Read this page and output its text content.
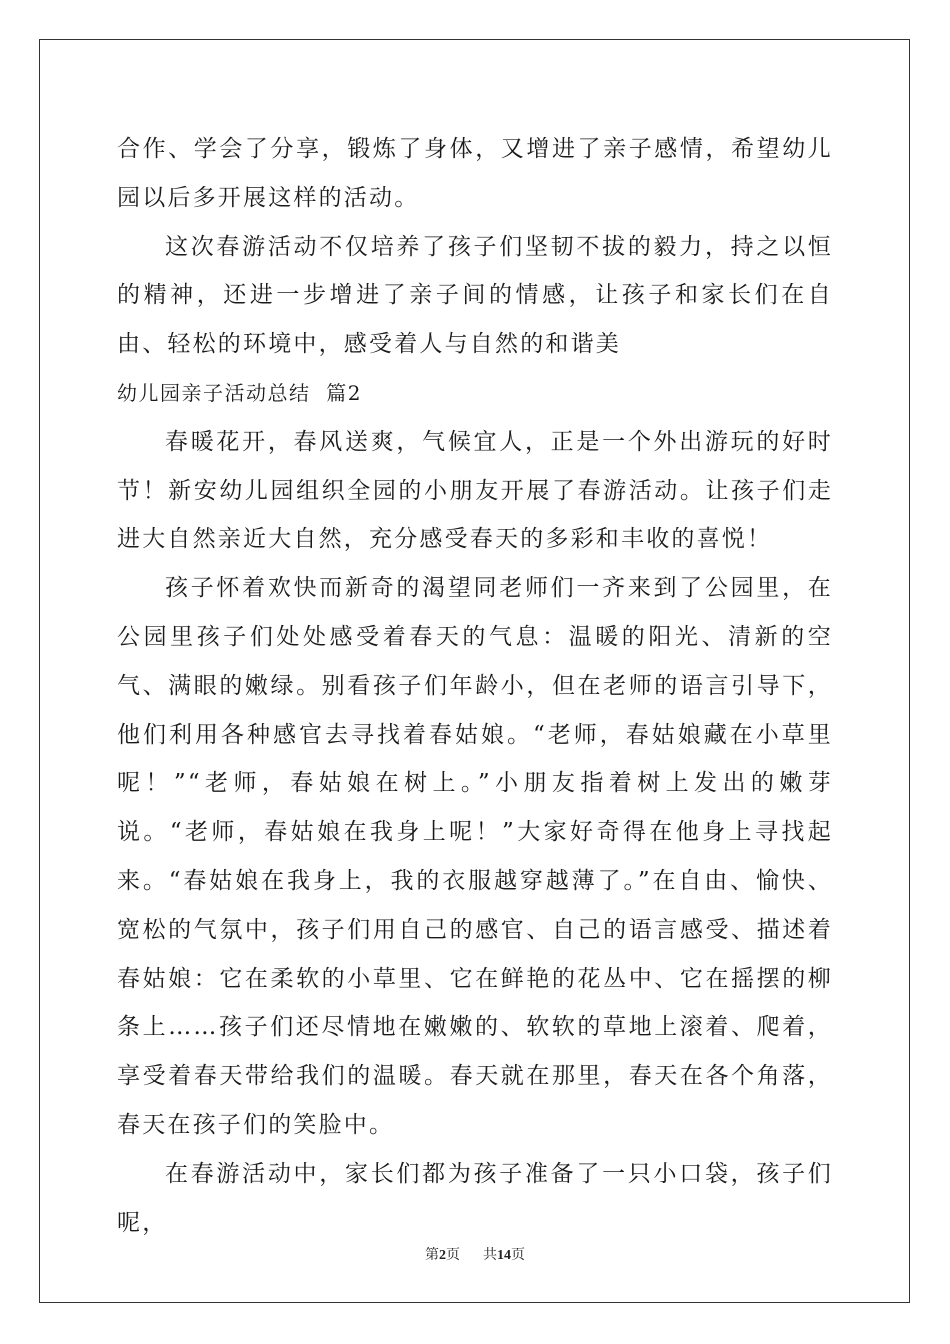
合作、学会了分享，锻炼了身体，又增进了亲子感情，希望幼儿园以后多开展这样的活动。

这次春游活动不仅培养了孩子们坚韧不拔的毅力，持之以恒的精神，还进一步增进了亲子间的情感，让孩子和家长们在自由、轻松的环境中，感受着人与自然的和谐美

幼儿园亲子活动总结  篇2

春暖花开，春风送爽，气候宜人，正是一个外出游玩的好时节！新安幼儿园组织全园的小朋友开展了春游活动。让孩子们走进大自然亲近大自然，充分感受春天的多彩和丰收的喜悦！

孩子怀着欢快而新奇的渴望同老师们一齐来到了公园里，在公园里孩子们处处感受着春天的气息：温暖的阳光、清新的空气、满眼的嫩绿。别看孩子们年龄小，但在老师的语言引导下，他们利用各种感官去寻找着春姑娘。“老师，春姑娘藏在小草里呢！”“老师，春姑娘在树上。”小朋友指着树上发出的嫩芽说。“老师，春姑娘在我身上呢！”大家好奇得在他身上寻找起来。“春姑娘在我身上，我的衣服越穿越薄了。”在自由、愉快、宽松的气氛中，孩子们用自己的感官、自己的语言感受、描述着春姑娘：它在柔软的小草里、它在鲜艳的花丛中、它在摇摆的柳条上……孩子们还尽情地在嫩嫩的、软软的草地上滚着、爬着，享受着春天带给我们的温暖。春天就在那里，春天在各个角落，春天在孩子们的笑脸中。

在春游活动中，家长们都为孩子准备了一只小口袋，孩子们呢，

第2页 共14页
